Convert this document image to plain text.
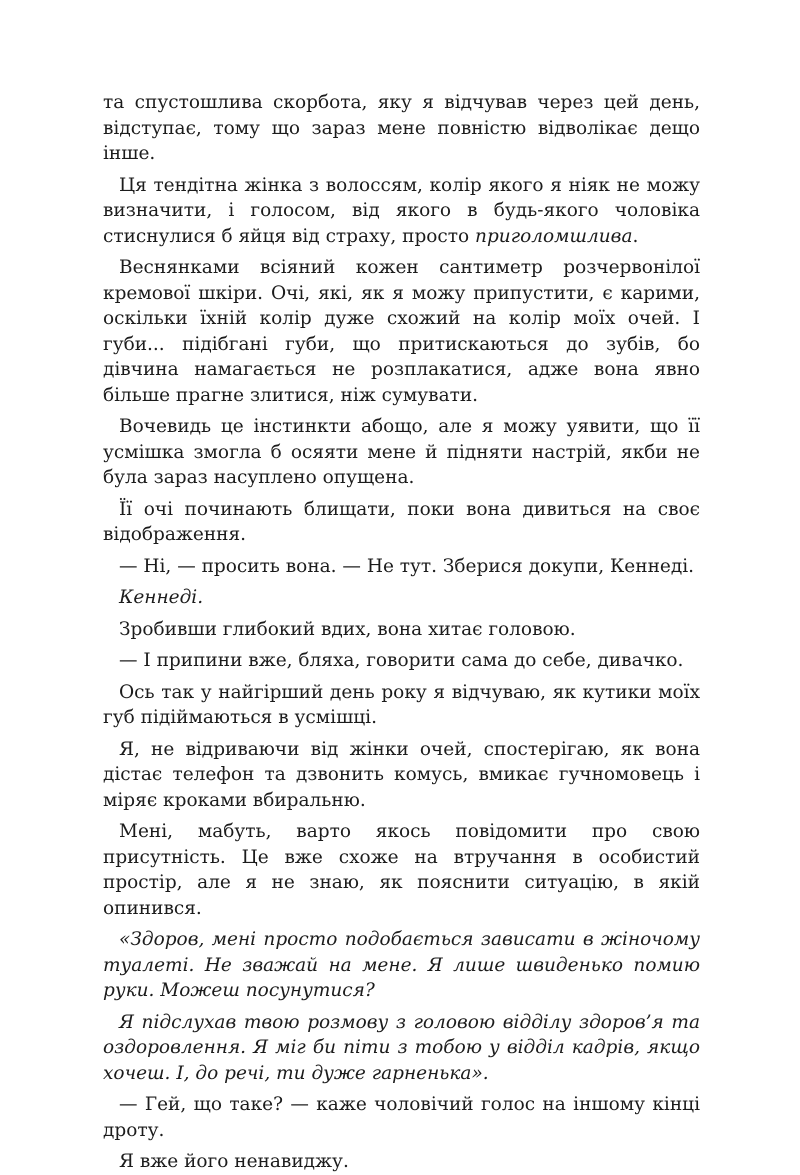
та спустошлива скорбота, яку я відчував через цей день, відступає, тому що зараз мене повністю відволікає дещо інше.

Ця тендітна жінка з волоссям, колір якого я ніяк не можу визначити, і голосом, від якого в будь-якого чоловіка стиснулися б яйця від страху, просто приголомшлива.

Веснянками всіяний кожен сантиметр розчервонілої кремової шкіри. Очі, які, як я можу припустити, є карими, оскільки їхній колір дуже схожий на колір моїх очей. І губи... підібгані губи, що притискаються до зубів, бо дівчина намагається не розплакатися, адже вона явно більше прагне злитися, ніж сумувати.

Вочевидь це інстинкти абощо, але я можу уявити, що її усмішка змогла б осяяти мене й підняти настрій, якби не була зараз насуплено опущена.

Її очі починають блищати, поки вона дивиться на своє відображення.

— Ні, — просить вона. — Не тут. Зберися докупи, Кеннеді.

Кеннеді.

Зробивши глибокий вдих, вона хитає головою.

— І припини вже, бляха, говорити сама до себе, дивачко.

Ось так у найгірший день року я відчуваю, як кутики моїх губ підіймаються в усмішці.

Я, не відриваючи від жінки очей, спостерігаю, як вона дістає телефон та дзвонить комусь, вмикає гучномовець і міряє кроками вбиральню.

Мені, мабуть, варто якось повідомити про свою присутність. Це вже схоже на втручання в особистий простір, але я не знаю, як пояснити ситуацію, в якій опинився.

«Здоров, мені просто подобається зависати в жіночому туалеті. Не зважай на мене. Я лише швиденько помию руки. Можеш посунутися?

Я підслухав твою розмову з головою відділу здоров’я та оздоровлення. Я міг би піти з тобою у відділ кадрів, якщо хочеш. І, до речі, ти дуже гарненька».

— Гей, що таке? — каже чоловічий голос на іншому кінці дроту.

Я вже його ненавиджу.
